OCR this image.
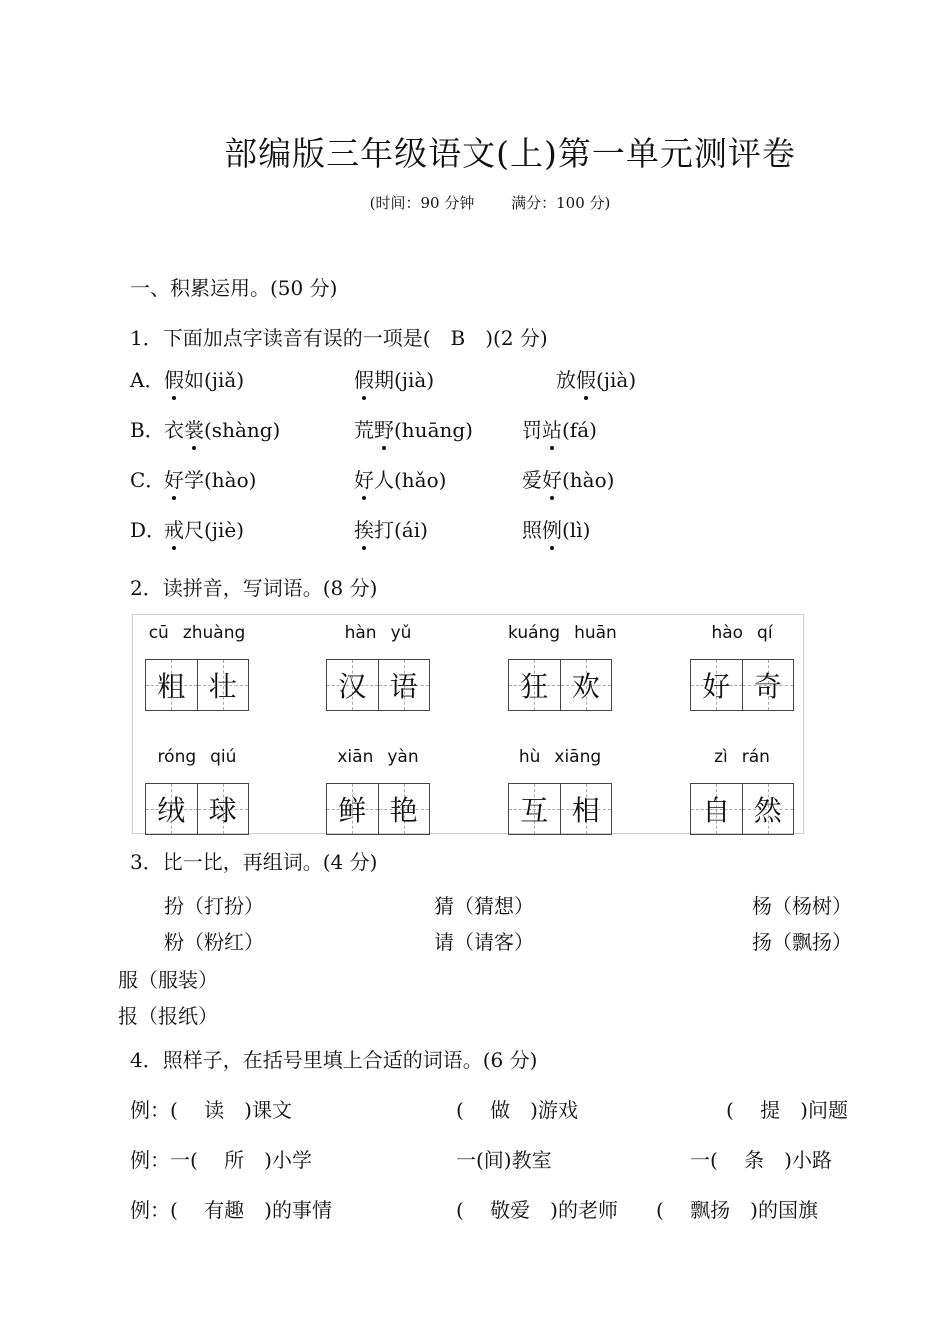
部编版三年级语文(上)第一单元测评卷
(时间：90 分钟 满分：100 分)
一、积累运用。(50 分)
1．下面加点字读音有误的一项是(　B　)(2 分)
A． 假如(jiǎ)	假期(jià)	放假(jià)
B． 衣裳(shàng)	荒野(huāng) 罚站(fá)
C．
好学(hào)	好人(hǎo)	爱好(hào)
D．
戒尺(jiè)	挨打(ái)	照例(lì)
2．读拼音，写词语。(8 分)
cū zhuàng
粗 壮
hàn yǔ
汉 语
kuáng huān
狂 欢
hào qí
好 奇
róng qiú
绒 球
xiān yàn
鲜 艳
hù xiāng
互 相
zì rán
自 然
3．比一比，再组词。(4 分)
扮（打扮）	猜（猜想）	杨（杨树）
粉（粉红）	请（请客）	扬（飘扬）
服（服装）
报（报纸）
4．照样子，在括号里填上合适的词语。(6 分)
例：(　 读　)课文	(　 做　)游戏	(　 提　)问题
例：一(　 所　)小学	一(间)教室	一(　 条　)小路
例：(　 有趣　)的事情	(　 敬爱　)的老师 (　 飘扬　)的国旗
